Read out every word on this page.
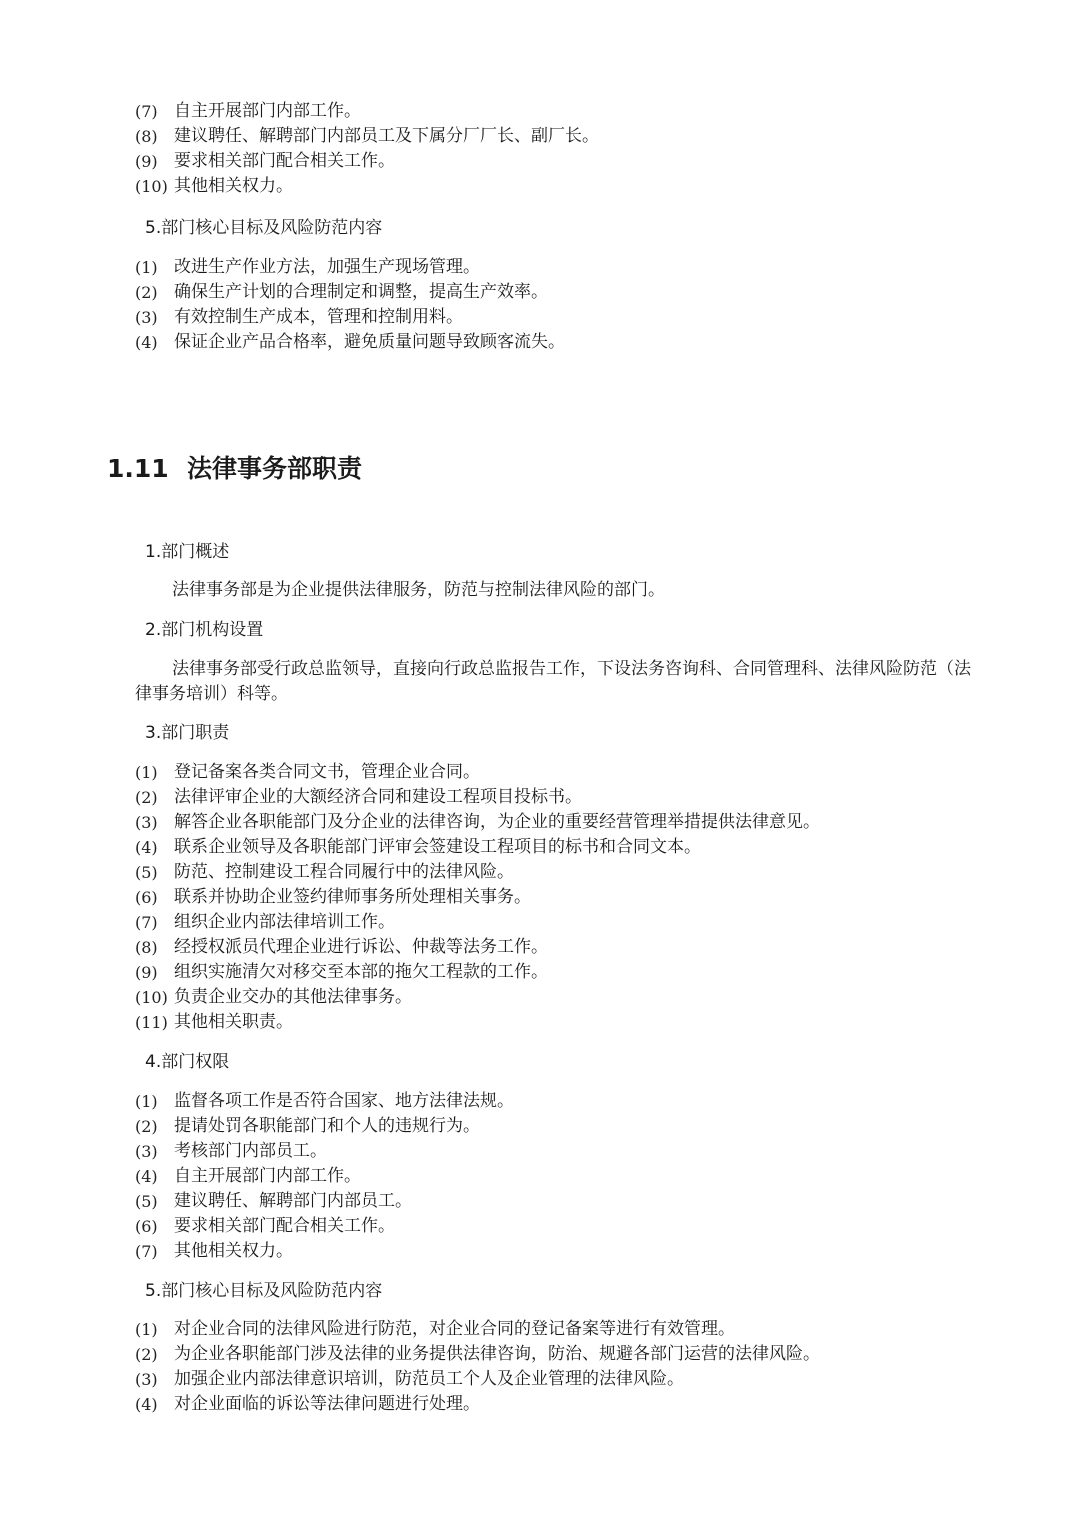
(7) 自主开展部门内部工作。
(8) 建议聘任、解聘部门内部员工及下属分厂厂长、副厂长。
(9) 要求相关部门配合相关工作。
(10) 其他相关权力。
5.部门核心目标及风险防范内容
(1) 改进生产作业方法，加强生产现场管理。
(2) 确保生产计划的合理制定和调整，提高生产效率。
(3) 有效控制生产成本，管理和控制用料。
(4) 保证企业产品合格率，避免质量问题导致顾客流失。
1.11 法律事务部职责
1.部门概述
法律事务部是为企业提供法律服务，防范与控制法律风险的部门。
2.部门机构设置
法律事务部受行政总监领导，直接向行政总监报告工作，下设法务咨询科、合同管理科、法律风险防范（法律事务培训）科等。
3.部门职责
(1) 登记备案各类合同文书，管理企业合同。
(2) 法律评审企业的大额经济合同和建设工程项目投标书。
(3) 解答企业各职能部门及分企业的法律咨询，为企业的重要经营管理举措提供法律意见。
(4) 联系企业领导及各职能部门评审会签建设工程项目的标书和合同文本。
(5) 防范、控制建设工程合同履行中的法律风险。
(6) 联系并协助企业签约律师事务所处理相关事务。
(7) 组织企业内部法律培训工作。
(8) 经授权派员代理企业进行诉讼、仲裁等法务工作。
(9) 组织实施清欠对移交至本部的拖欠工程款的工作。
(10) 负责企业交办的其他法律事务。
(11) 其他相关职责。
4.部门权限
(1) 监督各项工作是否符合国家、地方法律法规。
(2) 提请处罚各职能部门和个人的违规行为。
(3) 考核部门内部员工。
(4) 自主开展部门内部工作。
(5) 建议聘任、解聘部门内部员工。
(6) 要求相关部门配合相关工作。
(7) 其他相关权力。
5.部门核心目标及风险防范内容
(1) 对企业合同的法律风险进行防范，对企业合同的登记备案等进行有效管理。
(2) 为企业各职能部门涉及法律的业务提供法律咨询，防治、规避各部门运营的法律风险。
(3) 加强企业内部法律意识培训，防范员工个人及企业管理的法律风险。
(4) 对企业面临的诉讼等法律问题进行处理。
